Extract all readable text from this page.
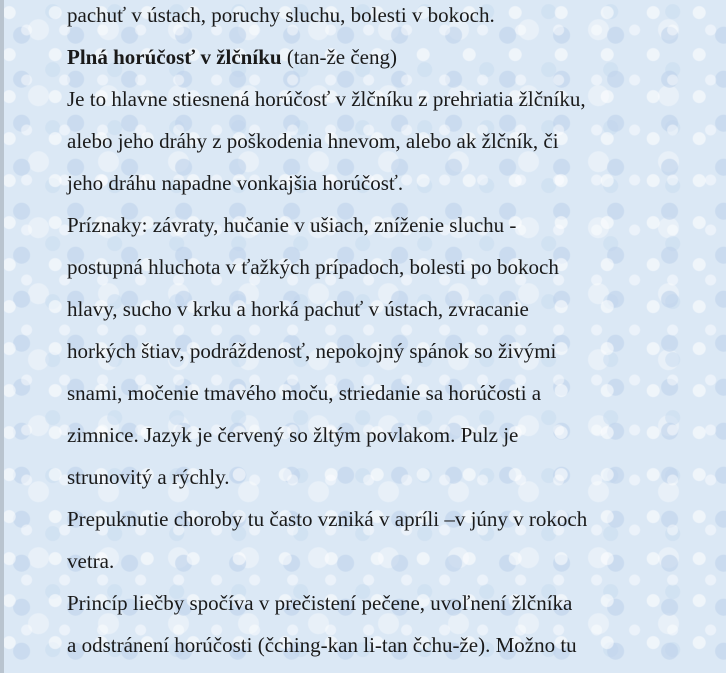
pachuť v ústach, poruchy sluchu, bolesti v bokoch.
Plná horúčosť v žlčníku (tan-že čeng)
Je to hlavne stiesnená horúčosť v žlčníku z prehriatia žlčníku,
alebo jeho dráhy z poškodenia hnevom, alebo ak žlčník, či
jeho dráhu napadne vonkajšia horúčosť.
Príznaky: závraty, hučanie v ušiach, zníženie sluchu -
postupná hluchota v ťažkých prípadoch, bolesti po bokoch
hlavy, sucho v krku a horká pachuť v ústach, zvracanie
horkých štiav, podráždenosť, nepokojný spánok so živými
snami, močenie tmavého moču, striedanie sa horúčosti a
zimnice. Jazyk je červený so žltým povlakom. Pulz je
strunovitý a rýchly.
Prepuknutie choroby tu často vzniká v apríli –v júny v rokoch
vetra.
Princíp liečby spočíva v prečistení pečene, uvoľnení žlčníka
a odstránení horúčosti (čching-kan li-tan čchu-že). Možno tu
